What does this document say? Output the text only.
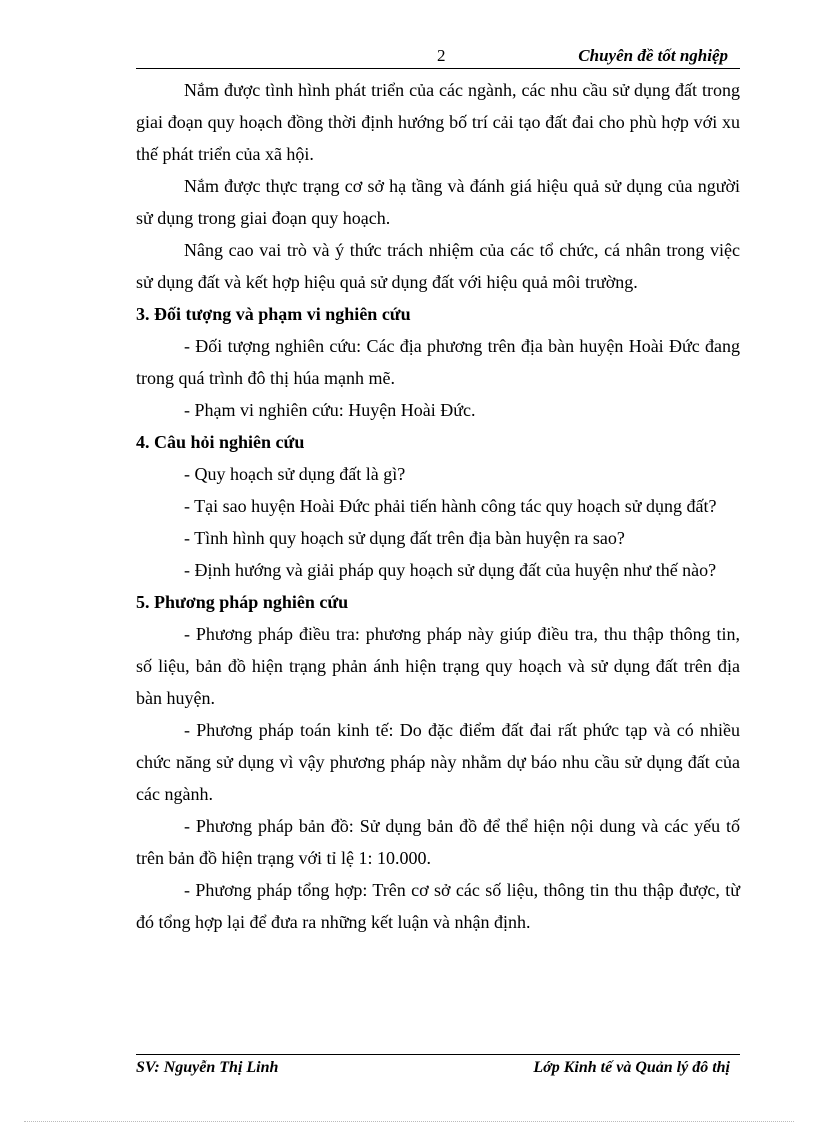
2	Chuyên đề tốt nghiệp

Nắm được tình hình phát triển của các ngành, các nhu cầu sử dụng đất trong giai đoạn quy hoạch đồng thời định hướng bố trí cải tạo đất đai cho phù hợp với xu thế phát triển của xã hội.

Nắm được thực trạng cơ sở hạ tầng và đánh giá hiệu quả sử dụng của người sử dụng trong giai đoạn quy hoạch.

Nâng cao vai trò và ý thức trách nhiệm của các tổ chức, cá nhân trong việc sử dụng đất và kết hợp hiệu quả sử dụng đất với hiệu quả môi trường.

3. Đối tượng và phạm vi nghiên cứu

- Đối tượng nghiên cứu: Các địa phương trên địa bàn huyện Hoài Đức đang trong quá trình đô thị húa mạnh mẽ.

- Phạm vi nghiên cứu: Huyện Hoài Đức.

4. Câu hỏi nghiên cứu

- Quy hoạch sử dụng đất là gì?

- Tại sao huyện Hoài Đức phải tiến hành công tác quy hoạch sử dụng đất?

- Tình hình quy hoạch sử dụng đất trên địa bàn huyện ra sao?

- Định hướng và giải pháp quy hoạch sử dụng đất của huyện như thế nào?

5. Phương pháp nghiên cứu

- Phương pháp điều tra: phương pháp này giúp điều tra, thu thập thông tin, số liệu, bản đồ hiện trạng phản ánh hiện trạng quy hoạch và sử dụng đất trên địa bàn huyện.

- Phương pháp toán kinh tế: Do đặc điểm đất đai rất phức tạp và có nhiều chức năng sử dụng vì vậy phương pháp này nhằm dự báo nhu cầu sử dụng đất của các ngành.

- Phương pháp bản đồ: Sử dụng bản đồ để thể hiện nội dung và các yếu tố trên bản đồ hiện trạng với tỉ lệ 1: 10.000.

- Phương pháp tổng hợp: Trên cơ sở các số liệu, thông tin thu thập được, từ đó tổng hợp lại để đưa ra những kết luận và nhận định.

SV: Nguyễn Thị Linh	Lớp Kinh tế và Quản lý đô thị
